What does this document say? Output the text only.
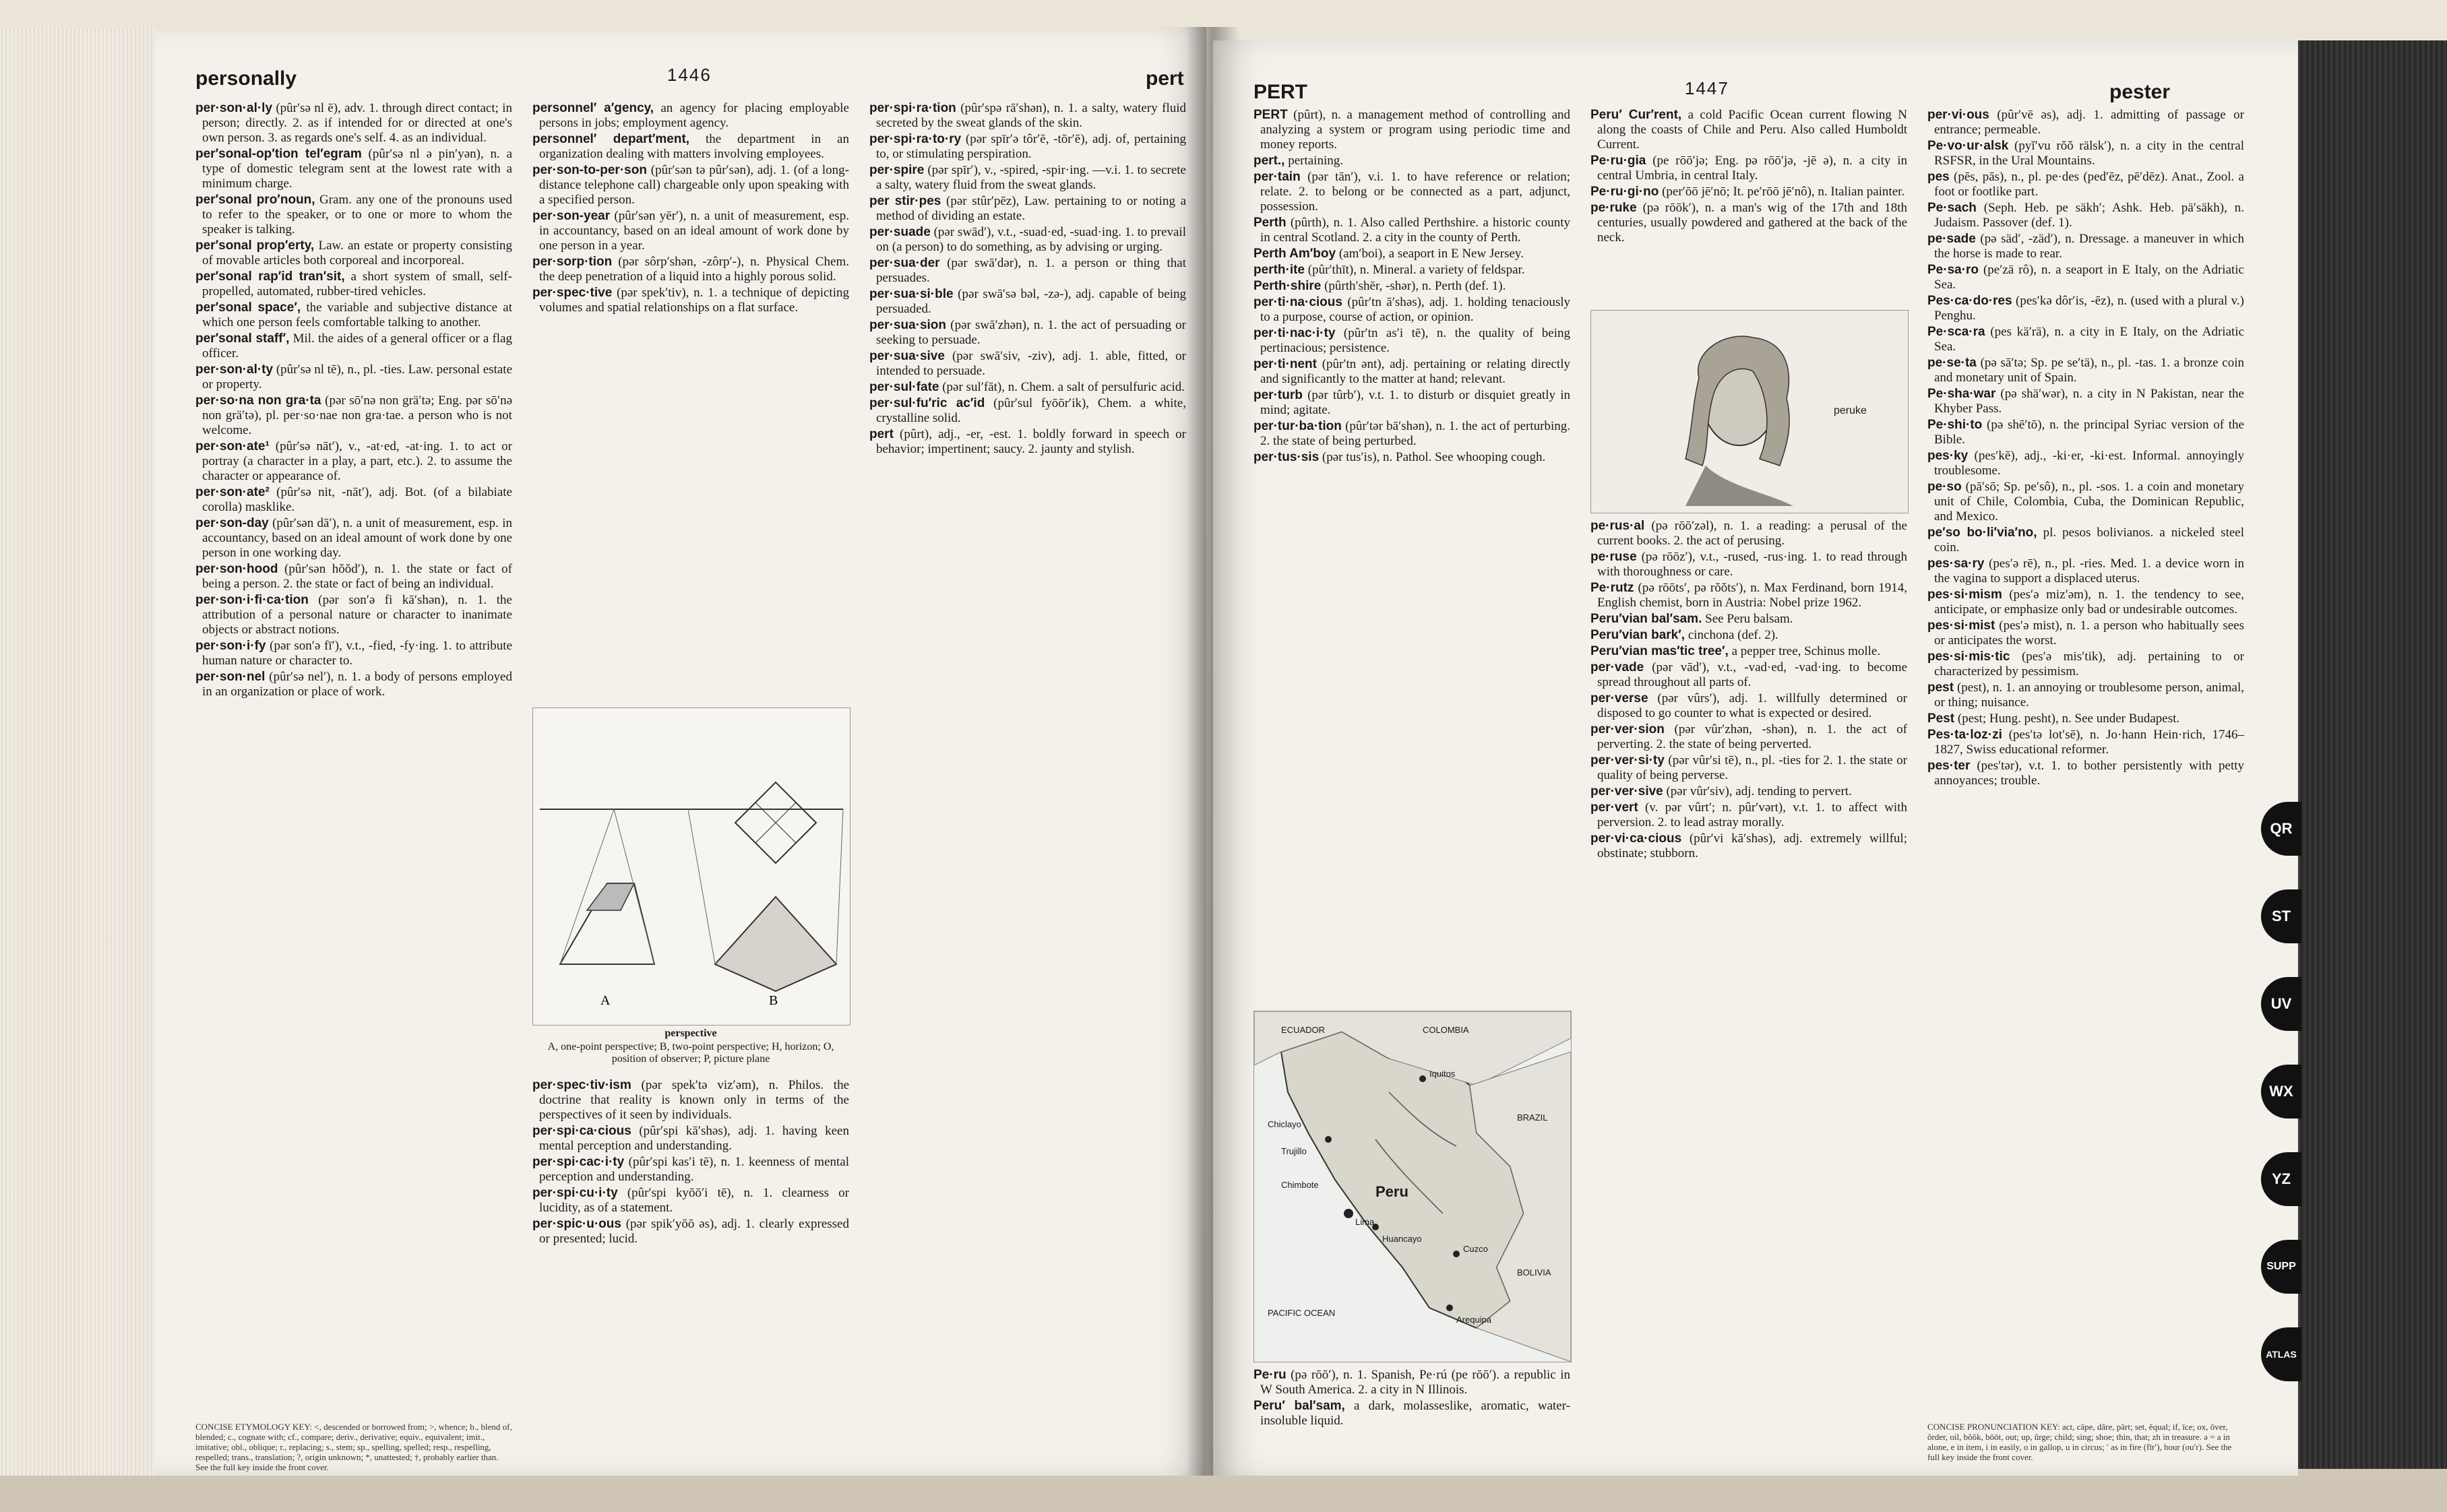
personally	1446	pert

per·son·al·ly (pûr′sə nl ē), adv. 1. through direct contact; in person; directly. 2. as if intended for or directed at one's own person. 3. as regards one's self. 4. as an individual.

per′sonal-op′tion tel′egram (pûr′sə nl ə pin′yən), n. a type of domestic telegram sent at the lowest rate with a minimum charge.

per′sonal pro′noun, Gram. any one of the pronouns used to refer to the speaker, or to one or more to whom the speaker is talking.

per′sonal prop′erty, Law. an estate or property consisting of movable articles both corporeal and incorporeal.

per′sonal rap′id tran′sit, a short system of small, self-propelled, automated, rubber-tired vehicles.

per′sonal space′, the variable and subjective distance at which one person feels comfortable talking to another.

per′sonal staff′, Mil. the aides of a general officer or a flag officer.

per·son·al·ty (pûr′sə nl tē), n., pl. -ties. Law. personal estate or property.

per·so·na non gra·ta (pər sō′nə non grä′tə; Eng. pər sō′nə non grä′tə), pl. per·so·nae non gra·tae. a person who is not welcome.

per·son·ate¹ (pûr′sə nāt′), v., -at·ed, -at·ing. 1. to act or portray (a character in a play, a part, etc.). 2. to assume the character or appearance of.

per·son·ate² (pûr′sə nit, -nāt′), adj. Bot. (of a bilabiate corolla) masklike.

per·son-day (pûr′sən dā′), n. a unit of measurement, esp. in accountancy, based on an ideal amount of work done by one person in one working day.

per·son·hood (pûr′sən hŏŏd′), n. 1. the state or fact of being a person. 2. the state or fact of being an individual.

per·son·i·fi·ca·tion (pər son′ə fi kā′shən), n. 1. the attribution of a personal nature or character to inanimate objects or abstract notions.

per·son·i·fy (pər son′ə fī′), v.t., -fied, -fy·ing. 1. to attribute human nature or character to.

per·son·nel (pûr′sə nel′), n. 1. a body of persons employed in an organization or place of work.

personnel′ a′gency, an agency for placing employable persons in jobs; employment agency.

personnel′ depart′ment, the department in an organization dealing with matters involving employees.

per·son-to-per·son (pûr′sən tə pûr′sən), adj. 1. (of a long-distance telephone call) chargeable only upon speaking with a specified person.

per·son-year (pûr′sən yēr′), n. a unit of measurement, esp. in accountancy, based on an ideal amount of work done by one person in a year.

per·sorp·tion (pər sôrp′shən, -zôrp′-), n. Physical Chem. the deep penetration of a liquid into a highly porous solid.

per·spec·tive (pər spek′tiv), n. 1. a technique of depicting volumes and spatial relationships on a flat surface.

per·spi·ra·tion (pûr′spə rā′shən), n. 1. a salty, watery fluid secreted by the sweat glands of the skin.

per·spi·ra·to·ry (pər spīr′ə tôr′ē, -tōr′ē), adj. of, pertaining to, or stimulating perspiration.

per·spire (pər spīr′), v., -spired, -spir·ing. —v.i. 1. to secrete a salty, watery fluid from the sweat glands.

per stir·pes (pər stûr′pēz), Law. pertaining to or noting a method of dividing an estate.

per·suade (pər swād′), v.t., -suad·ed, -suad·ing. 1. to prevail on (a person) to do something, as by advising or urging.

per·sua·der (pər swā′dər), n. 1. a person or thing that persuades.

per·sua·si·ble (pər swā′sə bəl, -zə-), adj. capable of being persuaded.

per·sua·sion (pər swā′zhən), n. 1. the act of persuading or seeking to persuade.

per·sua·sive (pər swā′siv, -ziv), adj. 1. able, fitted, or intended to persuade.

per·sul·fate (pər sul′fāt), n. Chem. a salt of persulfuric acid.

per·sul·fu′ric ac′id (pûr′sul fyōōr′ik), Chem. a white, crystalline solid.

pert (pûrt), adj., -er, -est. 1. boldly forward in speech or behavior; impertinent; saucy. 2. jaunty and stylish.

A	B
perspective
A, one-point perspective; B, two-point perspective; H, horizon; O, position of observer; P, picture plane

per·spec·tiv·ism (pər spek′tə viz′əm), n. Philos. the doctrine that reality is known only in terms of the perspectives of it seen by individuals.

per·spi·ca·cious (pûr′spi kā′shəs), adj. 1. having keen mental perception and understanding.

per·spi·cac·i·ty (pûr′spi kas′i tē), n. 1. keenness of mental perception and understanding.

per·spi·cu·i·ty (pûr′spi kyōō′i tē), n. 1. clearness or lucidity, as of a statement.

per·spic·u·ous (pər spik′yōō əs), adj. 1. clearly expressed or presented; lucid.

CONCISE ETYMOLOGY KEY: <, descended or borrowed from; >, whence; b., blend of, blended; c., cognate with; cf., compare; deriv., derivative; equiv., equivalent; imit., imitative; obl., oblique; r., replacing; s., stem; sp., spelling, spelled; resp., respelling, respelled; trans., translation; ?, origin unknown; *, unattested; †, probably earlier than. See the full key inside the front cover.
PERT	1447	pester

PERT (pûrt), n. a management method of controlling and analyzing a system or program using periodic time and money reports.

pert., pertaining.

per·tain (pər tān′), v.i. 1. to have reference or relation; relate. 2. to belong or be connected as a part, adjunct, possession.

Perth (pûrth), n. 1. Also called Perthshire. a historic county in central Scotland. 2. a city in the county of Perth.

Perth Am′boy (am′boi), a seaport in E New Jersey.

perth·ite (pûr′thīt), n. Mineral. a variety of feldspar.

Perth·shire (pûrth′shēr, -shər), n. Perth (def. 1).

per·ti·na·cious (pûr′tn ā′shəs), adj. 1. holding tenaciously to a purpose, course of action, or opinion.

per·ti·nac·i·ty (pûr′tn as′i tē), n. the quality of being pertinacious; persistence.

per·ti·nent (pûr′tn ənt), adj. pertaining or relating directly and significantly to the matter at hand; relevant.

per·turb (pər tûrb′), v.t. 1. to disturb or disquiet greatly in mind; agitate.

per·tur·ba·tion (pûr′tər bā′shən), n. 1. the act of perturbing. 2. the state of being perturbed.

per·tus·sis (pər tus′is), n. Pathol. See whooping cough.

ECUADOR	COLOMBIA
BRAZIL
BOLIVIA
Iquitos
Trujillo
Lima
Cuzco
Arequipa
Huancayo
PACIFIC OCEAN
Chimbote
Chiclayo
Peru

Pe·ru (pə rōō′), n. 1. Spanish, Pe·rú (pe rōō′). a republic in W South America. 2. a city in N Illinois.

Peru′ bal′sam, a dark, molasseslike, aromatic, water-insoluble liquid.

Peru′ Cur′rent, a cold Pacific Ocean current flowing N along the coasts of Chile and Peru. Also called Humboldt Current.

Pe·ru·gia (pe rōō′jə; Eng. pə rōō′jə, -jē ə), n. a city in central Umbria, in central Italy.

Pe·ru·gi·no (per′ōō jē′nō; It. pe′rōō jē′nô), n. Italian painter.

pe·ruke (pə rōōk′), n. a man's wig of the 17th and 18th centuries, usually powdered and gathered at the back of the neck.

peruke

pe·rus·al (pə rōō′zəl), n. 1. a reading: a perusal of the current books. 2. the act of perusing.

pe·ruse (pə rōōz′), v.t., -rused, -rus·ing. 1. to read through with thoroughness or care.

Pe·rutz (pə rōōts′, pə rŏŏts′), n. Max Ferdinand, born 1914, English chemist, born in Austria: Nobel prize 1962.

Peru′vian bal′sam. See Peru balsam.

Peru′vian bark′, cinchona (def. 2).

Peru′vian mas′tic tree′, a pepper tree, Schinus molle.

per·vade (pər vād′), v.t., -vad·ed, -vad·ing. to become spread throughout all parts of.

per·verse (pər vûrs′), adj. 1. willfully determined or disposed to go counter to what is expected or desired.

per·ver·sion (pər vûr′zhən, -shən), n. 1. the act of perverting. 2. the state of being perverted.

per·ver·si·ty (pər vûr′si tē), n., pl. -ties for 2. 1. the state or quality of being perverse.

per·ver·sive (pər vûr′siv), adj. tending to pervert.

per·vert (v. pər vûrt′; n. pûr′vərt), v.t. 1. to affect with perversion. 2. to lead astray morally.

per·vi·ca·cious (pûr′vi kā′shəs), adj. extremely willful; obstinate; stubborn.

per·vi·ous (pûr′vē əs), adj. 1. admitting of passage or entrance; permeable.

Pe·vo·ur·alsk (pyĭ′vu rŏŏ rälsk′), n. a city in the central RSFSR, in the Ural Mountains.

pes (pēs, pās), n., pl. pe·des (ped′ēz, pē′dēz). Anat., Zool. a foot or footlike part.

Pe·sach (Seph. Heb. pe säkh′; Ashk. Heb. pä′säkh), n. Judaism. Passover (def. 1).

pe·sade (pə säd′, -zäd′), n. Dressage. a maneuver in which the horse is made to rear.

Pe·sa·ro (pe′zä rô), n. a seaport in E Italy, on the Adriatic Sea.

Pes·ca·do·res (pes′kə dôr′is, -ēz), n. (used with a plural v.) Penghu.

Pe·sca·ra (pes kä′rä), n. a city in E Italy, on the Adriatic Sea.

pe·se·ta (pə sā′tə; Sp. pe se′tä), n., pl. -tas. 1. a bronze coin and monetary unit of Spain.

Pe·sha·war (pə shä′wər), n. a city in N Pakistan, near the Khyber Pass.

Pe·shi·to (pə shē′tō), n. the principal Syriac version of the Bible.

pes·ky (pes′kē), adj., -ki·er, -ki·est. Informal. annoyingly troublesome.

pe·so (pā′sō; Sp. pe′sô), n., pl. -sos. 1. a coin and monetary unit of Chile, Colombia, Cuba, the Dominican Republic, and Mexico.

pe′so bo·li′via′no, pl. pesos bolivianos. a nickeled steel coin.

pes·sa·ry (pes′ə rē), n., pl. -ries. Med. 1. a device worn in the vagina to support a displaced uterus.

pes·si·mism (pes′ə miz′əm), n. 1. the tendency to see, anticipate, or emphasize only bad or undesirable outcomes.

pes·si·mist (pes′ə mist), n. 1. a person who habitually sees or anticipates the worst.

pes·si·mis·tic (pes′ə mis′tik), adj. pertaining to or characterized by pessimism.

pest (pest), n. 1. an annoying or troublesome person, animal, or thing; nuisance.

Pest (pest; Hung. pesht), n. See under Budapest.

Pes·ta·loz·zi (pes′tə lot′sē), n. Jo·hann Hein·rich, 1746–1827, Swiss educational reformer.

pes·ter (pes′tər), v.t. 1. to bother persistently with petty annoyances; trouble.

CONCISE PRONUNCIATION KEY: act, cāpe, dâre, pärt; set, ēqual; if, īce; ox, ōver, ôrder, oil, bŏŏk, bōōt, out; up, ûrge; child; sing; shoe; thin, that; zh in treasure. ə = a in alone, e in item, i in easily, o in gallop, u in circus; ′ as in fire (fīr′), hour (ou′r). See the full key inside the front cover.
QR
ST
UV
WX
YZ
SUPP
ATLAS
